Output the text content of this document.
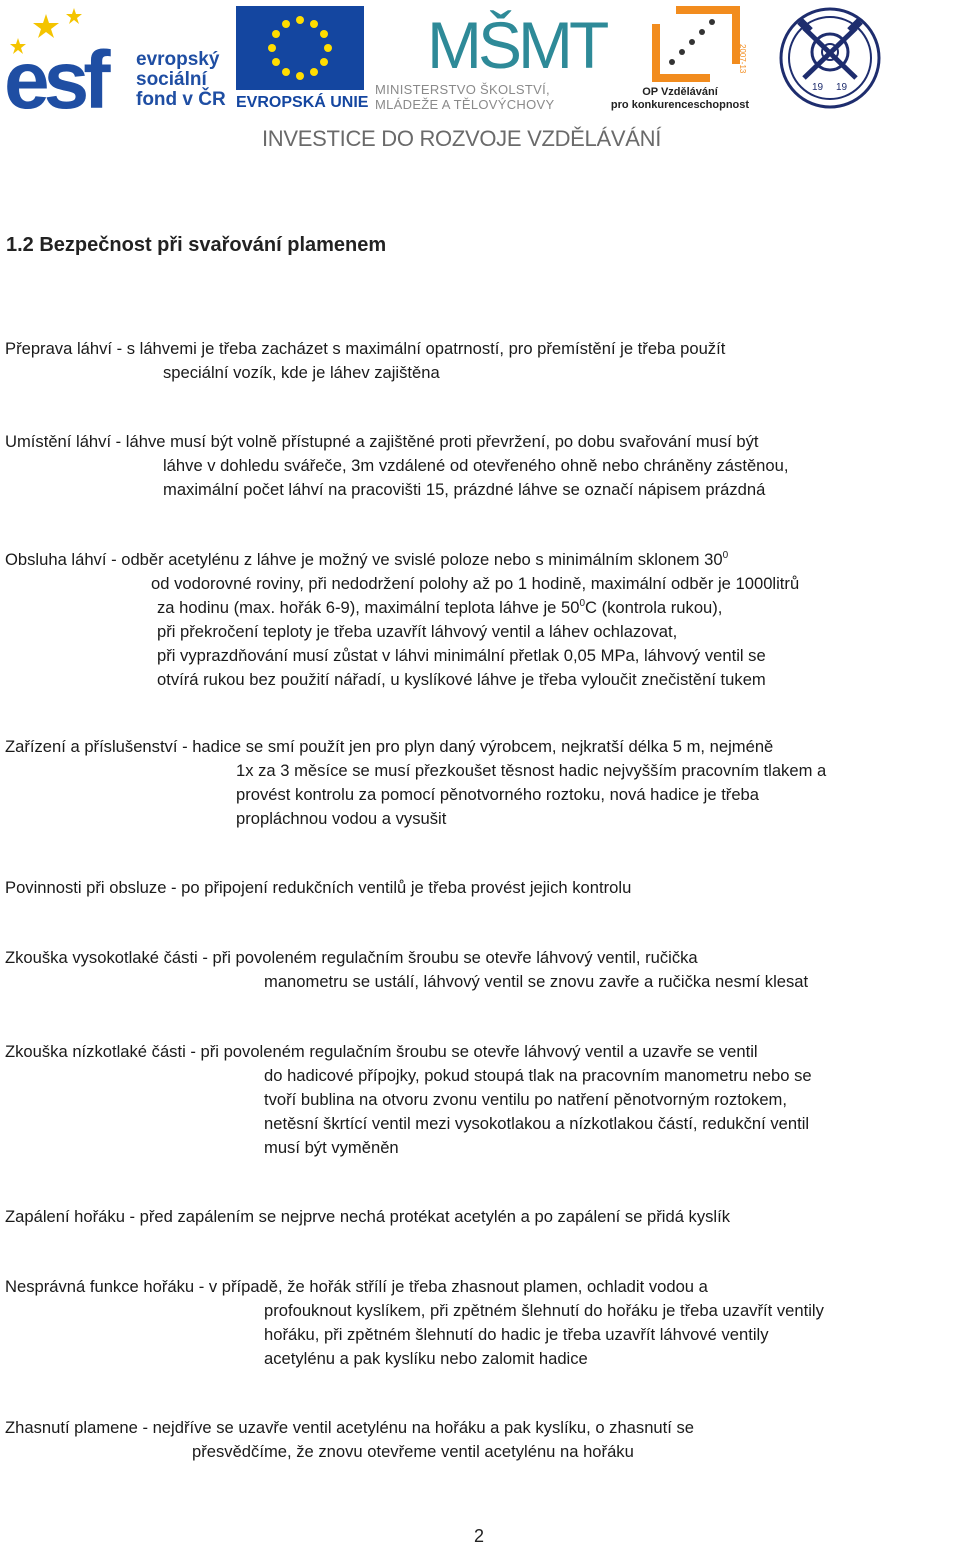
esf	evropský
sociální
fond v ČR EVROPSKÁ UNIE
MŠMT
MINISTERSTVO ŠKOLSTVÍ,
MLÁDEŽE A TĚLOVÝCHOVY
2007-13
OP Vzdělávání
pro konkurenceschopnost
19 19
INVESTICE DO ROZVOJE VZDĚLÁVÁNÍ
1.2 Bezpečnost při svařování plamenem
Přeprava láhví - s láhvemi je třeba zacházet s maximální opatrností, pro přemístění je třeba použít
speciální vozík, kde je láhev zajištěna
Umístění láhví - láhve musí být volně přístupné a zajištěné proti převržení, po dobu svařování musí být
láhve v dohledu svářeče, 3m vzdálené od otevřeného ohně nebo chráněny zástěnou,
maximální počet láhví na pracovišti 15, prázdné láhve se označí nápisem prázdná
Obsluha láhví - odběr acetylénu z láhve je možný ve svislé poloze nebo s minimálním sklonem $30^0$
od vodorovné roviny, při nedodržení polohy až po 1 hodině, maximální odběr je 1000litrů
za hodinu (max. hořák 6-9), maximální teplota láhve je $50^0C$ (kontrola rukou),
při překročení teploty je třeba uzavřít láhvový ventil a láhev ochlazovat,
při vyprazdňování musí zůstat v láhvi minimální přetlak 0,05 MPa, láhvový ventil se
otvírá rukou bez použití nářadí, u kyslíkové láhve je třeba vyloučit znečistění tukem
Zařízení a příslušenství - hadice se smí použít jen pro plyn daný výrobcem, nejkratší délka 5 m, nejméně
1x za 3 měsíce se musí přezkoušet těsnost hadic nejvyšším pracovním tlakem a
provést kontrolu za pomocí pěnotvorného roztoku, nová hadice je třeba
propláchnou vodou a vysušit
Povinnosti při obsluze - po připojení redukčních ventilů je třeba provést jejich kontrolu
Zkouška vysokotlaké části - při povoleném regulačním šroubu se otevře láhvový ventil, ručička
manometru se ustálí, láhvový ventil se znovu zavře a ručička nesmí klesat
Zkouška nízkotlaké části - při povoleném regulačním šroubu se otevře láhvový ventil a uzavře se ventil
do hadicové přípojky, pokud stoupá tlak na pracovním manometru nebo se
tvoří bublina na otvoru zvonu ventilu po natření pěnotvorným roztokem,
netěsní škrtící ventil mezi vysokotlakou a nízkotlakou částí, redukční ventil
musí být vyměněn
Zapálení hořáku - před zapálením se nejprve nechá protékat acetylén a po zapálení se přidá kyslík
Nesprávná funkce hořáku - v případě, že hořák střílí je třeba zhasnout plamen, ochladit vodou a
profouknout kyslíkem, při zpětném šlehnutí do hořáku je třeba uzavřít ventily
hořáku, při zpětném šlehnutí do hadic je třeba uzavřít láhvové ventily
acetylénu a pak kyslíku nebo zalomit hadice
Zhasnutí plamene - nejdříve se uzavře ventil acetylénu na hořáku a pak kyslíku, o zhasnutí se
přesvědčíme, že znovu otevřeme ventil acetylénu na hořáku
2
